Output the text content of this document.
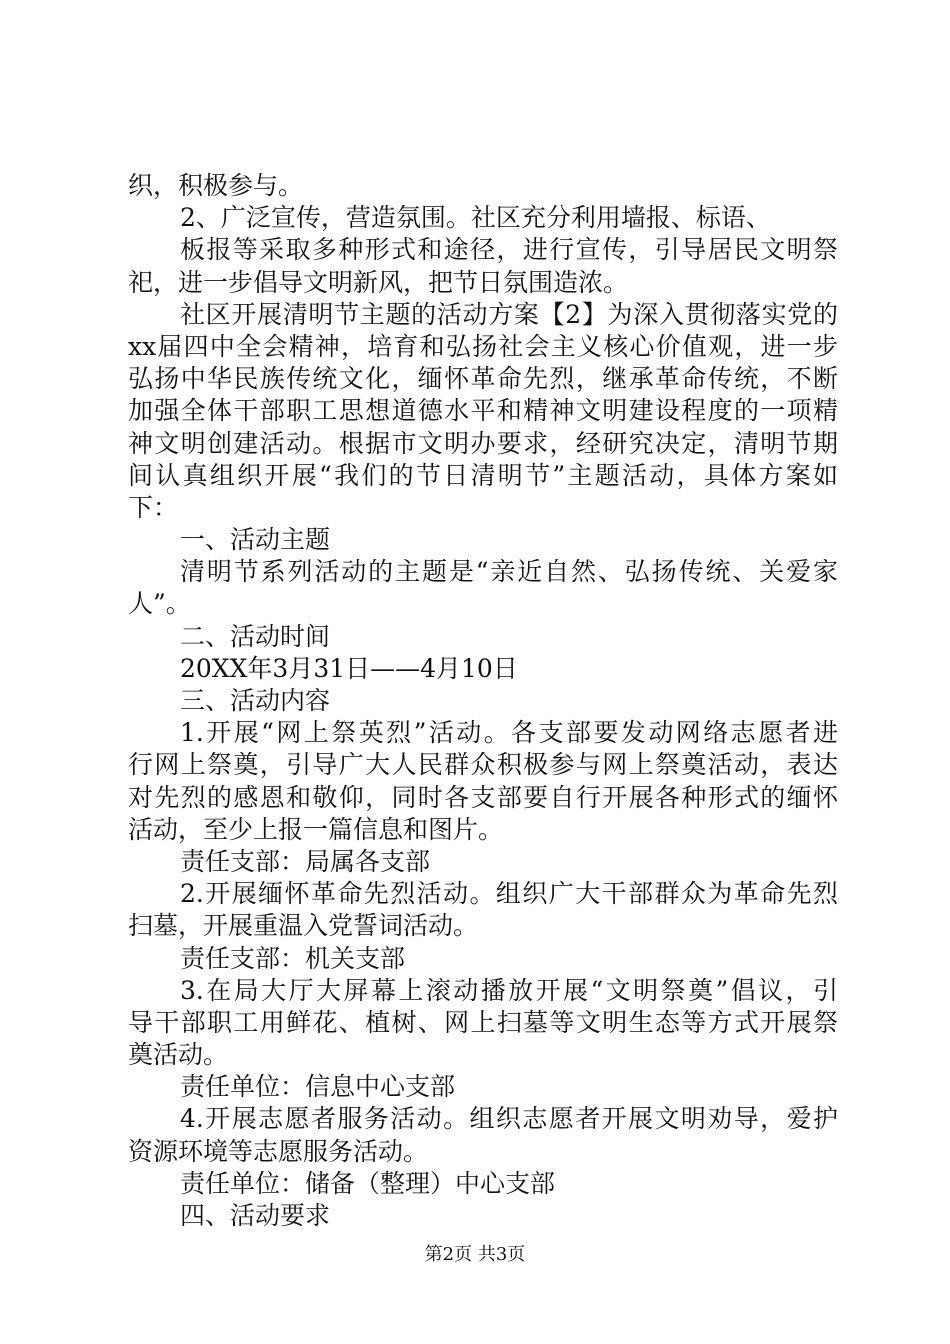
织，积极参与。
2、广泛宣传，营造氛围。社区充分利用墙报、标语、
板报等采取多种形式和途径，进行宣传，引导居民文明祭
祀，进一步倡导文明新风，把节日氛围造浓。
社区开展清明节主题的活动方案【2】为深入贯彻落实党的
xx届四中全会精神，培育和弘扬社会主义核心价值观，进一步
弘扬中华民族传统文化，缅怀革命先烈，继承革命传统，不断
加强全体干部职工思想道德水平和精神文明建设程度的一项精
神文明创建活动。根据市文明办要求，经研究决定，清明节期
间认真组织开展“我们的节日清明节”主题活动，具体方案如
下：
一、活动主题
清明节系列活动的主题是“亲近自然、弘扬传统、关爱家
人”。
二、活动时间
20XX年3月31日——4月10日
三、活动内容
1.开展“网上祭英烈”活动。各支部要发动网络志愿者进
行网上祭奠，引导广大人民群众积极参与网上祭奠活动，表达
对先烈的感恩和敬仰，同时各支部要自行开展各种形式的缅怀
活动，至少上报一篇信息和图片。
责任支部：局属各支部
2.开展缅怀革命先烈活动。组织广大干部群众为革命先烈
扫墓，开展重温入党誓词活动。
责任支部：机关支部
3.在局大厅大屏幕上滚动播放开展“文明祭奠”倡议，引
导干部职工用鲜花、植树、网上扫墓等文明生态等方式开展祭
奠活动。
责任单位：信息中心支部
4.开展志愿者服务活动。组织志愿者开展文明劝导，爱护
资源环境等志愿服务活动。
责任单位：储备（整理）中心支部
四、活动要求
第2页 共3页
